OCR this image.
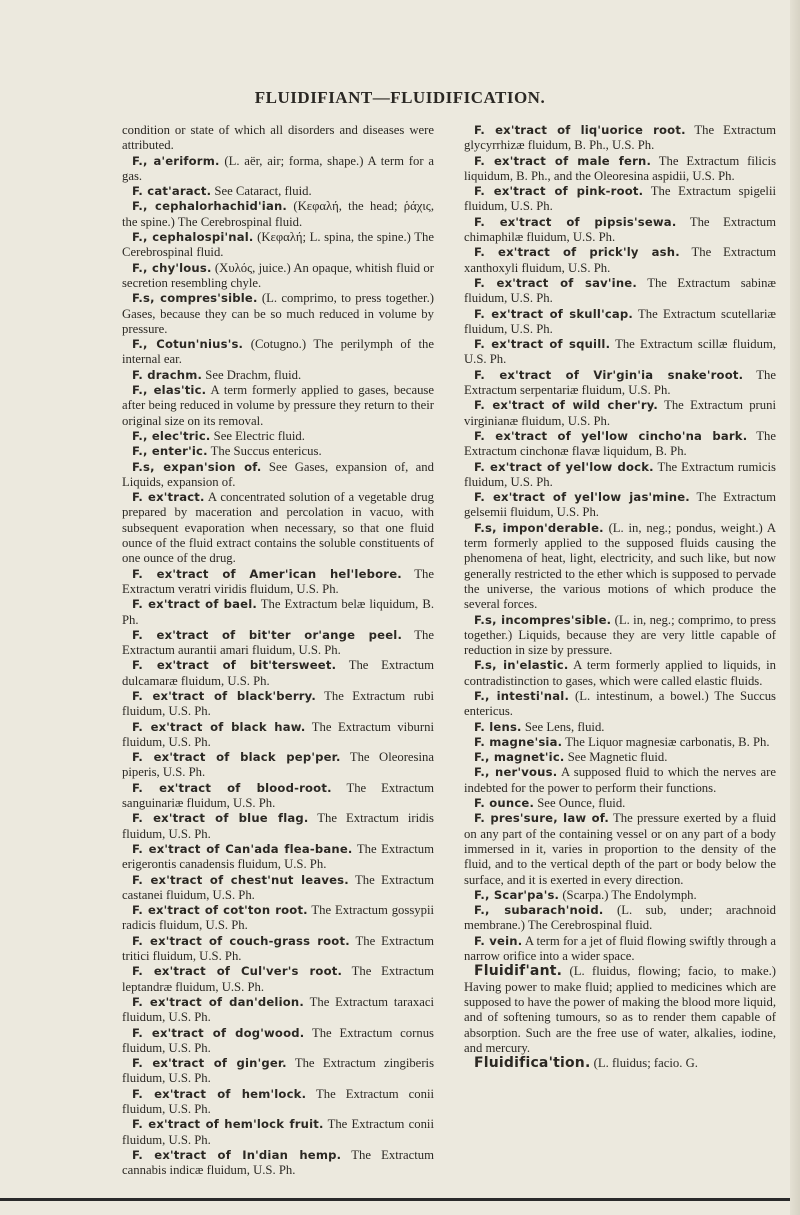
FLUIDIFIANT—FLUIDIFICATION.

condition or state of which all disorders and diseases were attributed.

F., a'eriform. (L. aër, air; forma, shape.) A term for a gas.

F. cat'aract. See Cataract, fluid.

F., cephalorhachid'ian. (Κεφαλή, the head; ῥάχις, the spine.) The Cerebrospinal fluid.

F., cephalospi'nal. (Κεφαλή; L. spina, the spine.) The Cerebrospinal fluid.

F., chy'lous. (Χυλός, juice.) An opaque, whitish fluid or secretion resembling chyle.

F.s, compres'sible. (L. comprimo, to press together.) Gases, because they can be so much reduced in volume by pressure.

F., Cotun'nius's. (Cotugno.) The perilymph of the internal ear.

F. drachm. See Drachm, fluid.

F., elas'tic. A term formerly applied to gases, because after being reduced in volume by pressure they return to their original size on its removal.

F., elec'tric. See Electric fluid.

F., enter'ic. The Succus entericus.

F.s, expan'sion of. See Gases, expansion of, and Liquids, expansion of.

F. ex'tract. A concentrated solution of a vegetable drug prepared by maceration and percolation in vacuo, with subsequent evaporation when necessary, so that one fluid ounce of the fluid extract contains the soluble constituents of one ounce of the drug.

F. ex'tract of Amer'ican hel'lebore. The Extractum veratri viridis fluidum, U.S. Ph.

F. ex'tract of bael. The Extractum belæ liquidum, B. Ph.

F. ex'tract of bit'ter or'ange peel. The Extractum aurantii amari fluidum, U.S. Ph.

F. ex'tract of bit'tersweet. The Extractum dulcamaræ fluidum, U.S. Ph.

F. ex'tract of black'berry. The Extractum rubi fluidum, U.S. Ph.

F. ex'tract of black haw. The Extractum viburni fluidum, U.S. Ph.

F. ex'tract of black pep'per. The Oleoresina piperis, U.S. Ph.

F. ex'tract of blood-root. The Extractum sanguinariæ fluidum, U.S. Ph.

F. ex'tract of blue flag. The Extractum iridis fluidum, U.S. Ph.

F. ex'tract of Can'ada flea-bane. The Extractum erigerontis canadensis fluidum, U.S. Ph.

F. ex'tract of chest'nut leaves. The Extractum castanei fluidum, U.S. Ph.

F. ex'tract of cot'ton root. The Extractum gossypii radicis fluidum, U.S. Ph.

F. ex'tract of couch-grass root. The Extractum tritici fluidum, U.S. Ph.

F. ex'tract of Cul'ver's root. The Extractum leptandræ fluidum, U.S. Ph.

F. ex'tract of dan'delion. The Extractum taraxaci fluidum, U.S. Ph.

F. ex'tract of dog'wood. The Extractum cornus fluidum, U.S. Ph.

F. ex'tract of gin'ger. The Extractum zingiberis fluidum, U.S. Ph.

F. ex'tract of hem'lock. The Extractum conii fluidum, U.S. Ph.

F. ex'tract of hem'lock fruit. The Extractum conii fluidum, U.S. Ph.

F. ex'tract of In'dian hemp. The Extractum cannabis indicæ fluidum, U.S. Ph.

F. ex'tract of liq'uorice root. The Extractum glycyrrhizæ fluidum, B. Ph., U.S. Ph.

F. ex'tract of male fern. The Extractum filicis liquidum, B. Ph., and the Oleoresina aspidii, U.S. Ph.

F. ex'tract of pink-root. The Extractum spigelii fluidum, U.S. Ph.

F. ex'tract of pipsis'sewa. The Extractum chimaphilæ fluidum, U.S. Ph.

F. ex'tract of prick'ly ash. The Extractum xanthoxyli fluidum, U.S. Ph.

F. ex'tract of sav'ine. The Extractum sabinæ fluidum, U.S. Ph.

F. ex'tract of skull'cap. The Extractum scutellariæ fluidum, U.S. Ph.

F. ex'tract of squill. The Extractum scillæ fluidum, U.S. Ph.

F. ex'tract of Vir'gin'ia snake'root. The Extractum serpentariæ fluidum, U.S. Ph.

F. ex'tract of wild cher'ry. The Extractum pruni virginianæ fluidum, U.S. Ph.

F. ex'tract of yel'low cincho'na bark. The Extractum cinchonæ flavæ liquidum, B. Ph.

F. ex'tract of yel'low dock. The Extractum rumicis fluidum, U.S. Ph.

F. ex'tract of yel'low jas'mine. The Extractum gelsemii fluidum, U.S. Ph.

F.s, impon'derable. (L. in, neg.; pondus, weight.) A term formerly applied to the supposed fluids causing the phenomena of heat, light, electricity, and such like, but now generally restricted to the ether which is supposed to pervade the universe, the various motions of which produce the several forces.

F.s, incompres'sible. (L. in, neg.; comprimo, to press together.) Liquids, because they are very little capable of reduction in size by pressure.

F.s, in'elastic. A term formerly applied to liquids, in contradistinction to gases, which were called elastic fluids.

F., intesti'nal. (L. intestinum, a bowel.) The Succus entericus.

F. lens. See Lens, fluid.

F. magne'sia. The Liquor magnesiæ carbonatis, B. Ph.

F., magnet'ic. See Magnetic fluid.

F., ner'vous. A supposed fluid to which the nerves are indebted for the power to perform their functions.

F. ounce. See Ounce, fluid.

F. pres'sure, law of. The pressure exerted by a fluid on any part of the containing vessel or on any part of a body immersed in it, varies in proportion to the density of the fluid, and to the vertical depth of the part or body below the surface, and it is exerted in every direction.

F., Scar'pa's. (Scarpa.) The Endolymph.

F., subarach'noid. (L. sub, under; arachnoid membrane.) The Cerebrospinal fluid.

F. vein. A term for a jet of fluid flowing swiftly through a narrow orifice into a wider space.

Fluidif'ant. (L. fluidus, flowing; facio, to make.) Having power to make fluid; applied to medicines which are supposed to have the power of making the blood more liquid, and of softening tumours, so as to render them capable of absorption. Such are the free use of water, alkalies, iodine, and mercury.

Fluidifica'tion. (L. fluidus; facio. G.
